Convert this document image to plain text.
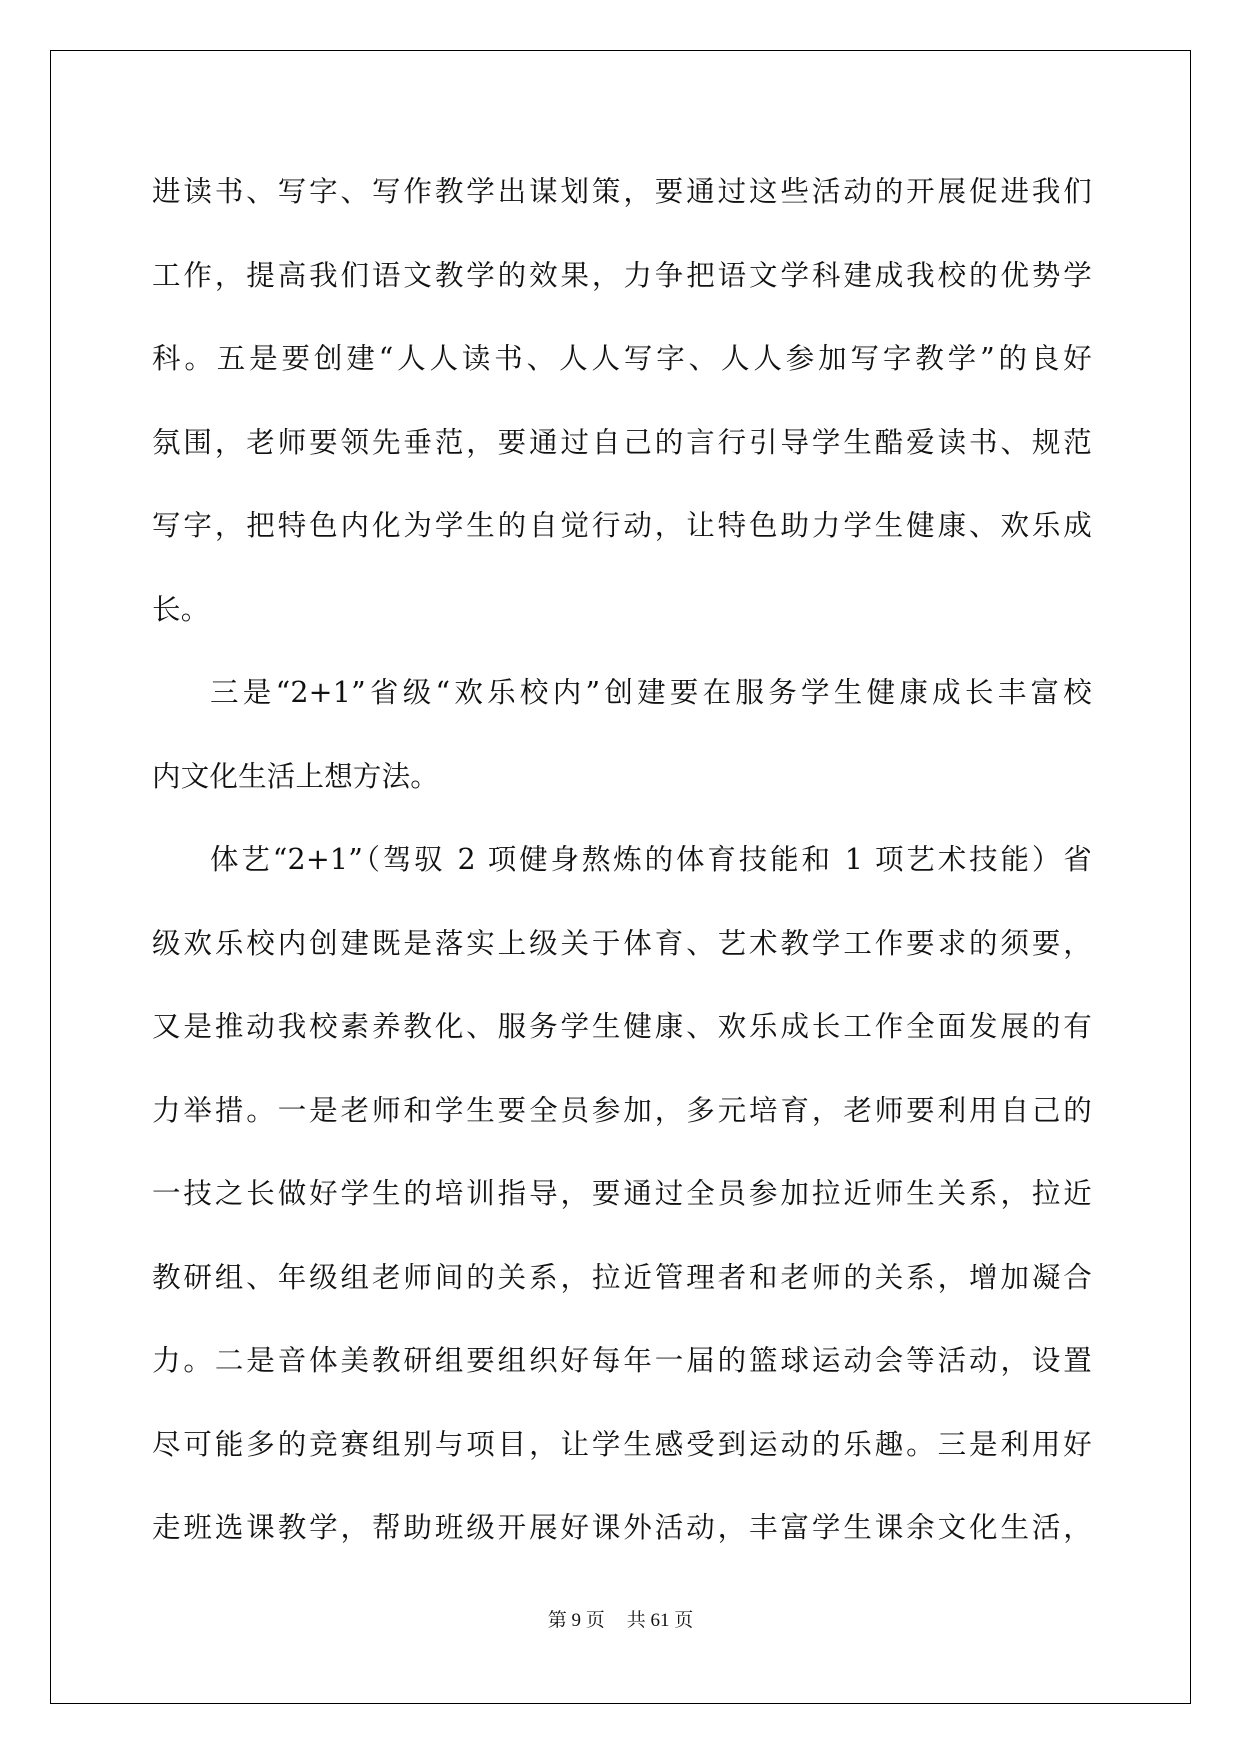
进读书、写字、写作教学出谋划策，要通过这些活动的开展促进我们
工作，提高我们语文教学的效果，力争把语文学科建成我校的优势学
科。五是要创建“人人读书、人人写字、人人参加写字教学”的良好
氛围，老师要领先垂范，要通过自己的言行引导学生酷爱读书、规范
写字，把特色内化为学生的自觉行动，让特色助力学生健康、欢乐成
长。
三是“2+1”省级“欢乐校内”创建要在服务学生健康成长丰富校
内文化生活上想方法。
体艺“2+1”（驾驭 2 项健身熬炼的体育技能和 1 项艺术技能）省
级欢乐校内创建既是落实上级关于体育、艺术教学工作要求的须要，
又是推动我校素养教化、服务学生健康、欢乐成长工作全面发展的有
力举措。一是老师和学生要全员参加，多元培育，老师要利用自己的
一技之长做好学生的培训指导，要通过全员参加拉近师生关系，拉近
教研组、年级组老师间的关系，拉近管理者和老师的关系，增加凝合
力。二是音体美教研组要组织好每年一届的篮球运动会等活动，设置
尽可能多的竞赛组别与项目，让学生感受到运动的乐趣。三是利用好
走班选课教学，帮助班级开展好课外活动，丰富学生课余文化生活，
第 9 页 共 61 页
